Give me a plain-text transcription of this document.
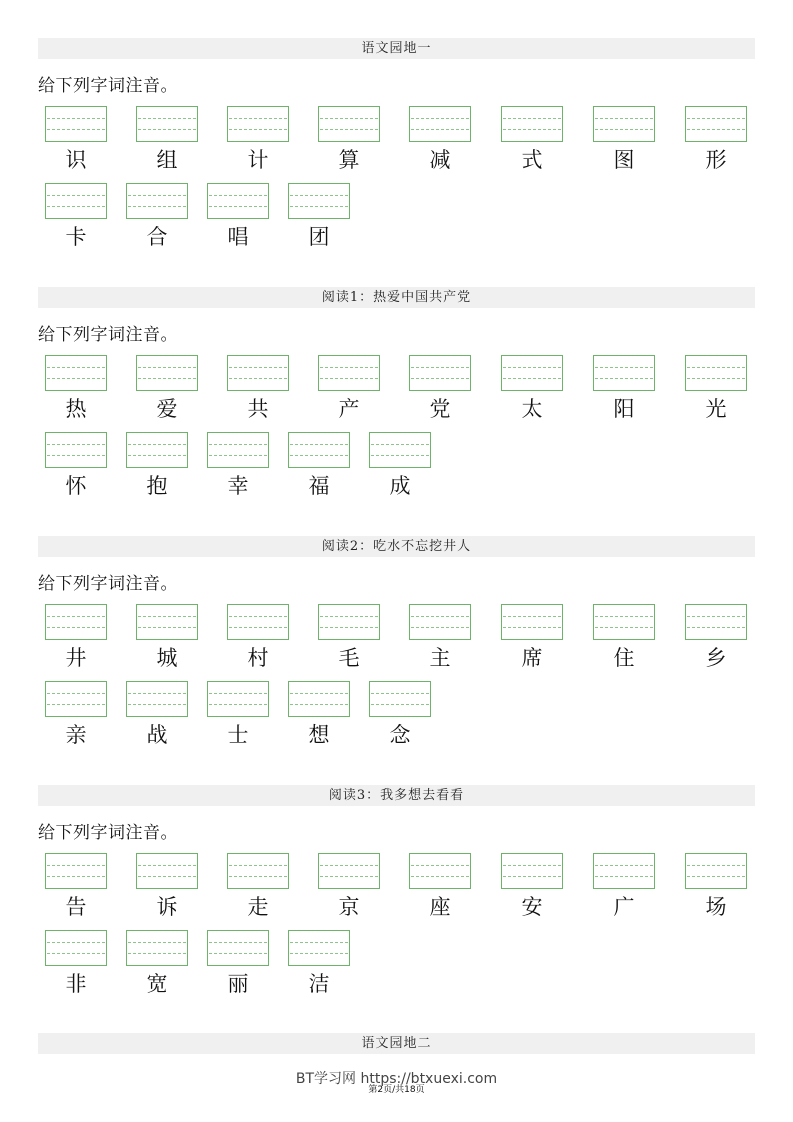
语文园地一
给下列字词注音。
识	组	计	算	减	式	图	形
卡	合	唱	团
阅读1：热爱中国共产党
给下列字词注音。
热	爱	共	产	党	太	阳	光
怀	抱	幸	福	成
阅读2：吃水不忘挖井人
给下列字词注音。
井	城	村	毛	主	席	住	乡
亲	战	士	想	念
阅读3：我多想去看看
给下列字词注音。
告	诉	走	京	座	安	广	场
非	宽	丽	洁
语文园地二
BT学习网 https://btxuexi.com
第2页/共18页
